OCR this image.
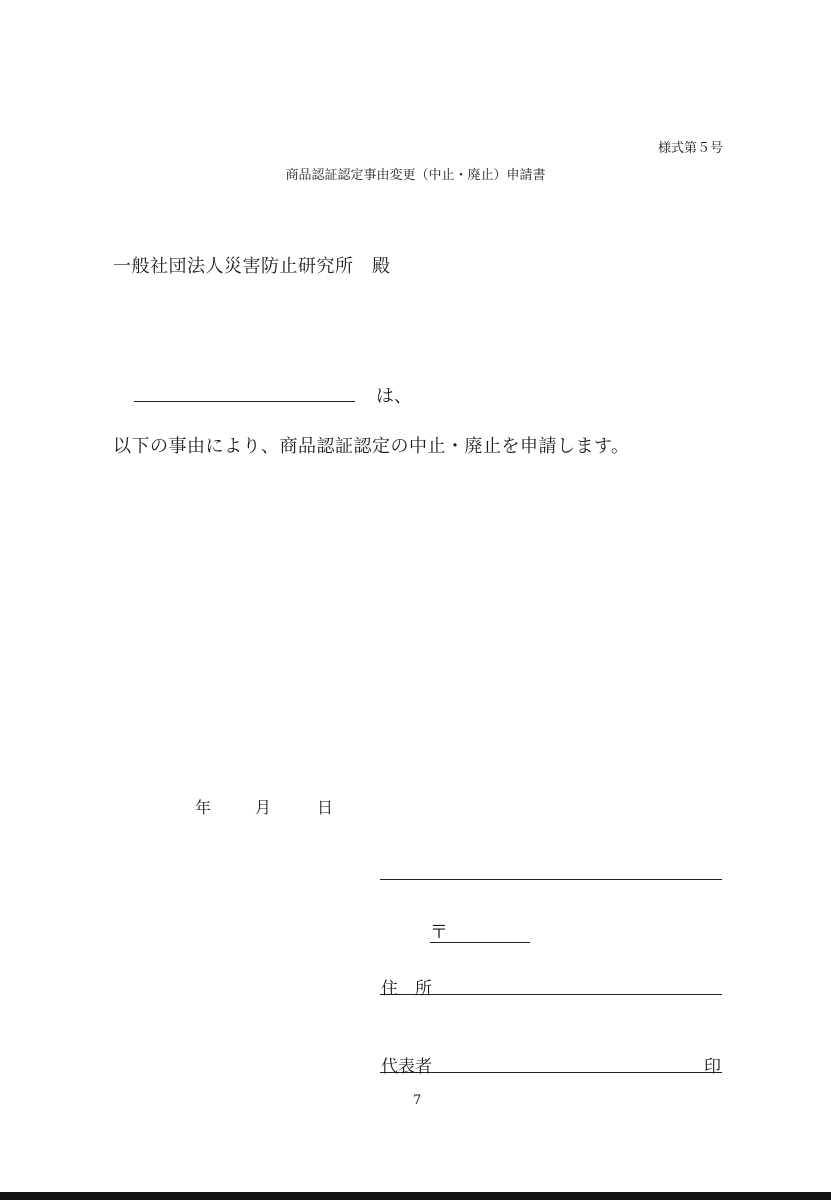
様式第５号
商品認証認定事由変更（中止・廃止）申請書
一般社団法人災害防止研究所　殿
は、
以下の事由により、商品認証認定の中止・廃止を申請します。
年	月	日
〒
住　所
代表者	印
7
